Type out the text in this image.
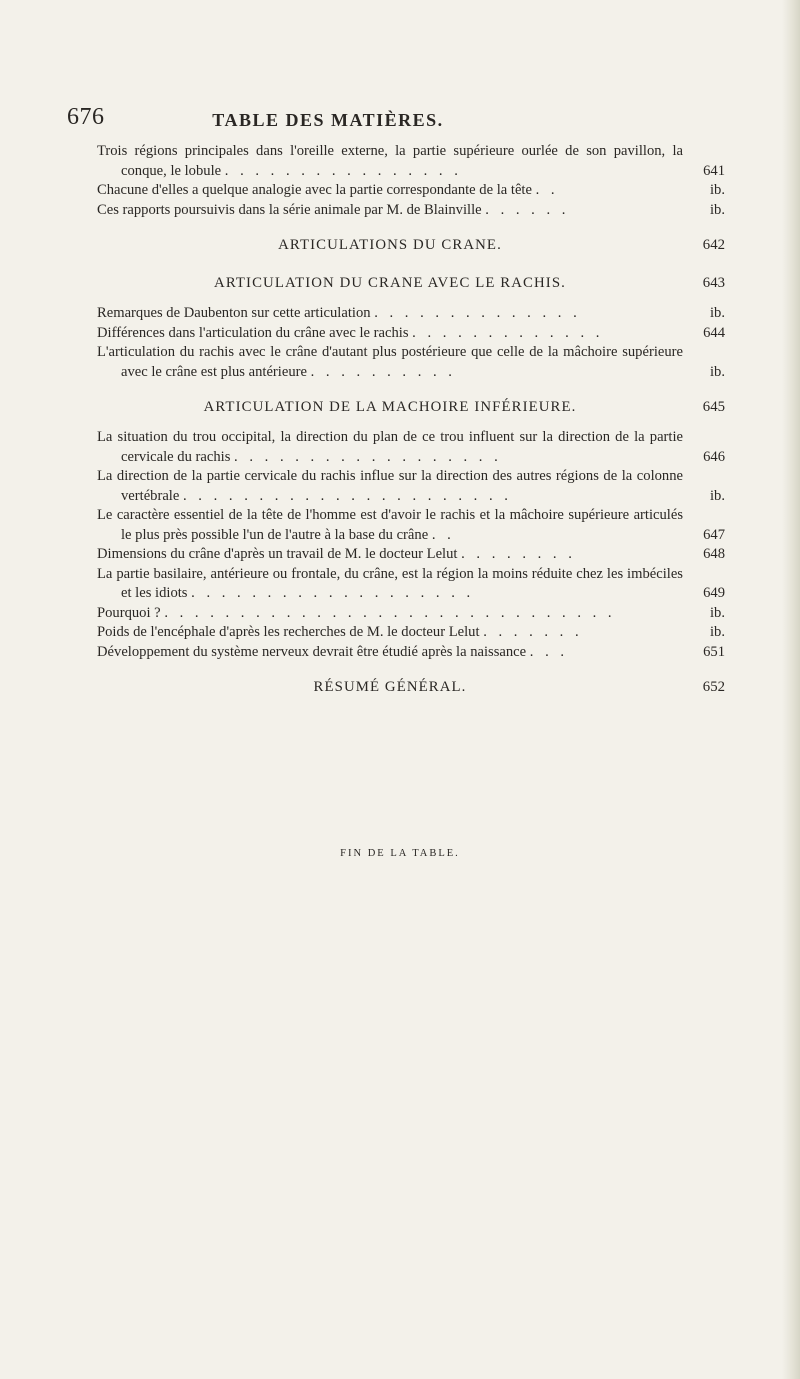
676	TABLE DES MATIÈRES.
Trois régions principales dans l'oreille externe, la partie supérieure ourlée de son pavillon, la conque, le lobule . . . . . . . . . . . . . . . .	641
Chacune d'elles a quelque analogie avec la partie correspondante de la tête . .	ib.
Ces rapports poursuivis dans la série animale par M. de Blainville . . . . . .	ib.
ARTICULATIONS DU CRANE.	642
ARTICULATION DU CRANE AVEC LE RACHIS.	643
Remarques de Daubenton sur cette articulation . . . . . . . . . . . . . .	ib.
Différences dans l'articulation du crâne avec le rachis . . . . . . . . . . . . .	644
L'articulation du rachis avec le crâne d'autant plus postérieure que celle de la mâchoire supérieure avec le crâne est plus antérieure . . . . . . . . . .	ib.
ARTICULATION DE LA MACHOIRE INFÉRIEURE.	645
La situation du trou occipital, la direction du plan de ce trou influent sur la direction de la partie cervicale du rachis . . . . . . . . . . . . . . . . . .	646
La direction de la partie cervicale du rachis influe sur la direction des autres régions de la colonne vertébrale . . . . . . . . . . . . . . . . . . . . . .	ib.
Le caractère essentiel de la tête de l'homme est d'avoir le rachis et la mâchoire supérieure articulés le plus près possible l'un de l'autre à la base du crâne . .	647
Dimensions du crâne d'après un travail de M. le docteur Lelut . . . . . . . .	648
La partie basilaire, antérieure ou frontale, du crâne, est la région la moins réduite chez les imbéciles et les idiots . . . . . . . . . . . . . . . . . . .	649
Pourquoi ? . . . . . . . . . . . . . . . . . . . . . . . . . . . . . .	ib.
Poids de l'encéphale d'après les recherches de M. le docteur Lelut . . . . . . .	ib.
Développement du système nerveux devrait être étudié après la naissance . . .	651
RÉSUMÉ GÉNÉRAL.	652
FIN DE LA TABLE.
